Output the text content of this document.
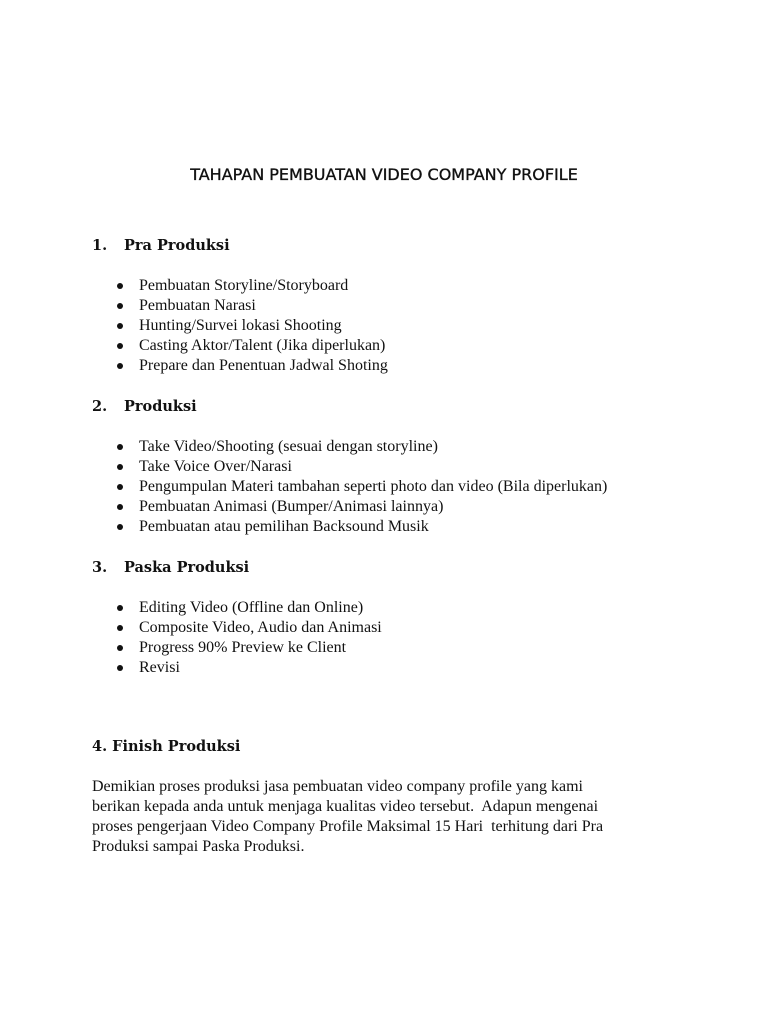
TAHAPAN PEMBUATAN VIDEO COMPANY PROFILE
1. Pra Produksi
Pembuatan Storyline/Storyboard
Pembuatan Narasi
Hunting/Survei lokasi Shooting
Casting Aktor/Talent (Jika diperlukan)
Prepare dan Penentuan Jadwal Shoting
2. Produksi
Take Video/Shooting (sesuai dengan storyline)
Take Voice Over/Narasi
Pengumpulan Materi tambahan seperti photo dan video (Bila diperlukan)
Pembuatan Animasi (Bumper/Animasi lainnya)
Pembuatan atau pemilihan Backsound Musik
3. Paska Produksi
Editing Video (Offline dan Online)
Composite Video, Audio dan Animasi
Progress 90% Preview ke Client
Revisi
4. Finish Produksi

Demikian proses produksi jasa pembuatan video company profile yang kami
berikan kepada anda untuk menjaga kualitas video tersebut.  Adapun mengenai
proses pengerjaan Video Company Profile Maksimal 15 Hari  terhitung dari Pra
Produksi sampai Paska Produksi.
